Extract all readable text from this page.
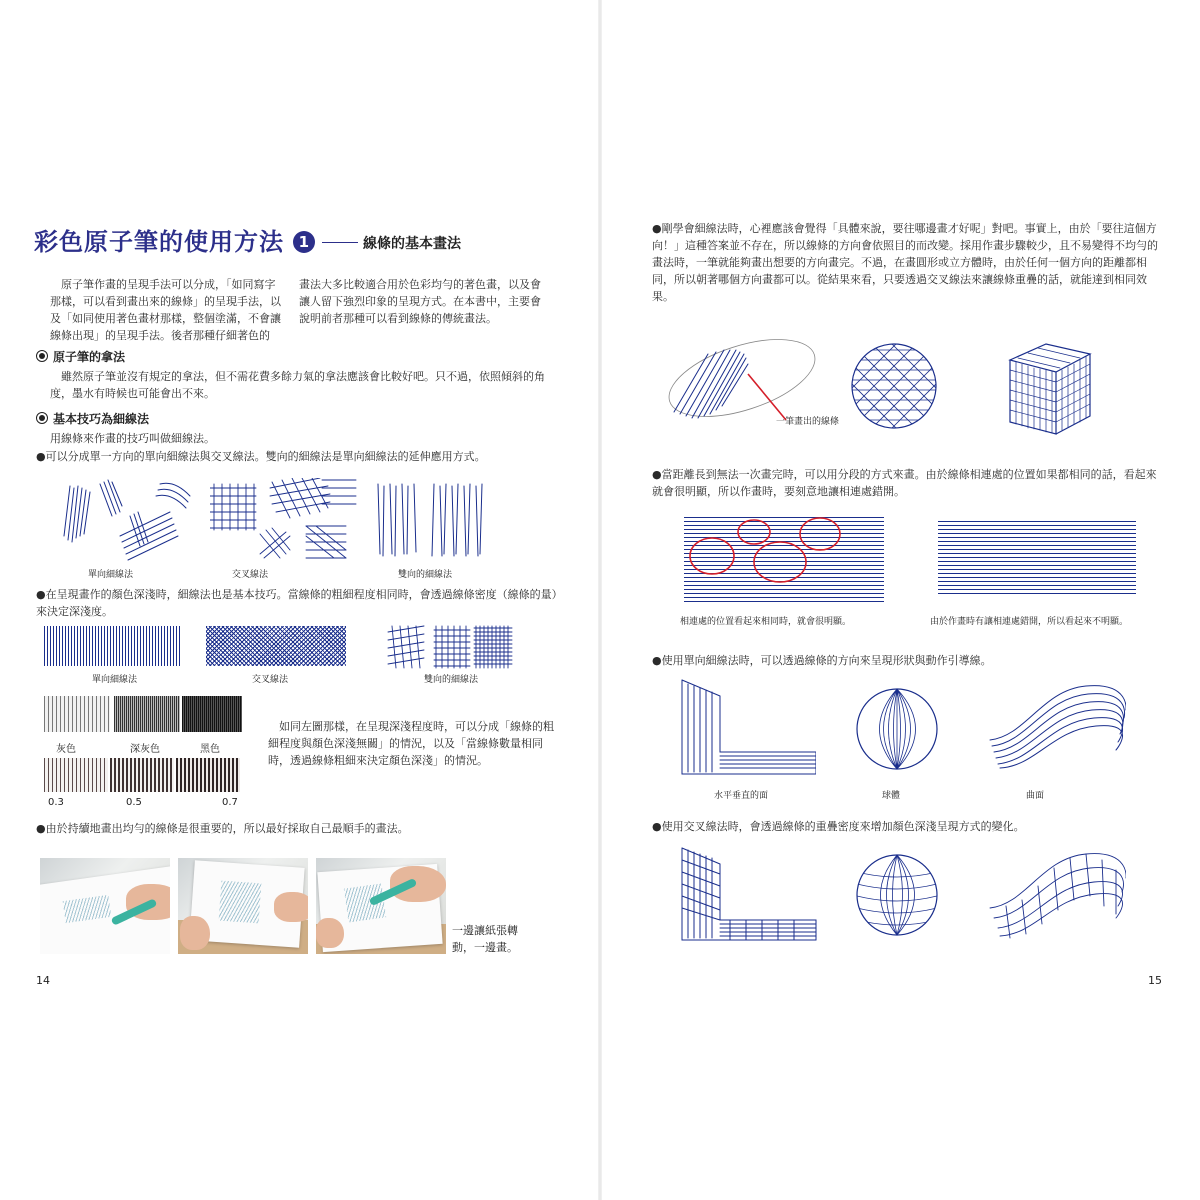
彩色原子筆的使用方法 1	線條的基本畫法
原子筆作畫的呈現手法可以分成，「如同寫字那樣，可以看到畫出來的線條」的呈現手法，以及「如同使用著色畫材那樣，整個塗滿，不會讓線條出現」的呈現手法。後者那種仔細著色的
畫法大多比較適合用於色彩均勻的著色畫，以及會讓人留下強烈印象的呈現方式。在本書中，主要會說明前者那種可以看到線條的傳統畫法。
原子筆的拿法
雖然原子筆並沒有規定的拿法，但不需花費多餘力氣的拿法應該會比較好吧。只不過，依照傾斜的角度，墨水有時候也可能會出不來。
基本技巧為細線法
用線條來作畫的技巧叫做細線法。
●可以分成單一方向的單向細線法與交叉線法。雙向的細線法是單向細線法的延伸應用方式。
單向細線法	交叉線法	雙向的細線法
●在呈現畫作的顏色深淺時，細線法也是基本技巧。當線條的粗細程度相同時，會透過線條密度（線條的量）來決定深淺度。
單向細線法	交叉線法	雙向的細線法
灰色	深灰色	黑色
0.3	0.5	0.7
如同左圖那樣，在呈現深淺程度時，可以分成「線條的粗細程度與顏色深淺無關」的情況，以及「當線條數量相同時，透過線條粗細來決定顏色深淺」的情況。
●由於持續地畫出均勻的線條是很重要的，所以最好採取自己最順手的畫法。
一邊讓紙張轉動，一邊畫。
14
●剛學會細線法時，心裡應該會覺得「具體來說，要往哪邊畫才好呢」對吧。事實上，由於「要往這個方向！」這種答案並不存在，所以線條的方向會依照目的而改變。採用作畫步驟較少，且不易變得不均勻的畫法時，一筆就能夠畫出想要的方向畫完。不過，在畫圓形或立方體時，由於任何一個方向的距離都相同，所以朝著哪個方向畫都可以。從結果來看，只要透過交叉線法來讓線條重疊的話，就能達到相同效果。
一筆畫出的線條
●當距離長到無法一次畫完時，可以用分段的方式來畫。由於線條相連處的位置如果都相同的話，看起來就會很明顯，所以作畫時，要刻意地讓相連處錯開。
相連處的位置看起來相同時，就會很明顯。	由於作畫時有讓相連處錯開，所以看起來不明顯。
●使用單向細線法時，可以透過線條的方向來呈現形狀與動作引導線。
水平垂直的面	球體	曲面
●使用交叉線法時，會透過線條的重疊密度來增加顏色深淺呈現方式的變化。
15
